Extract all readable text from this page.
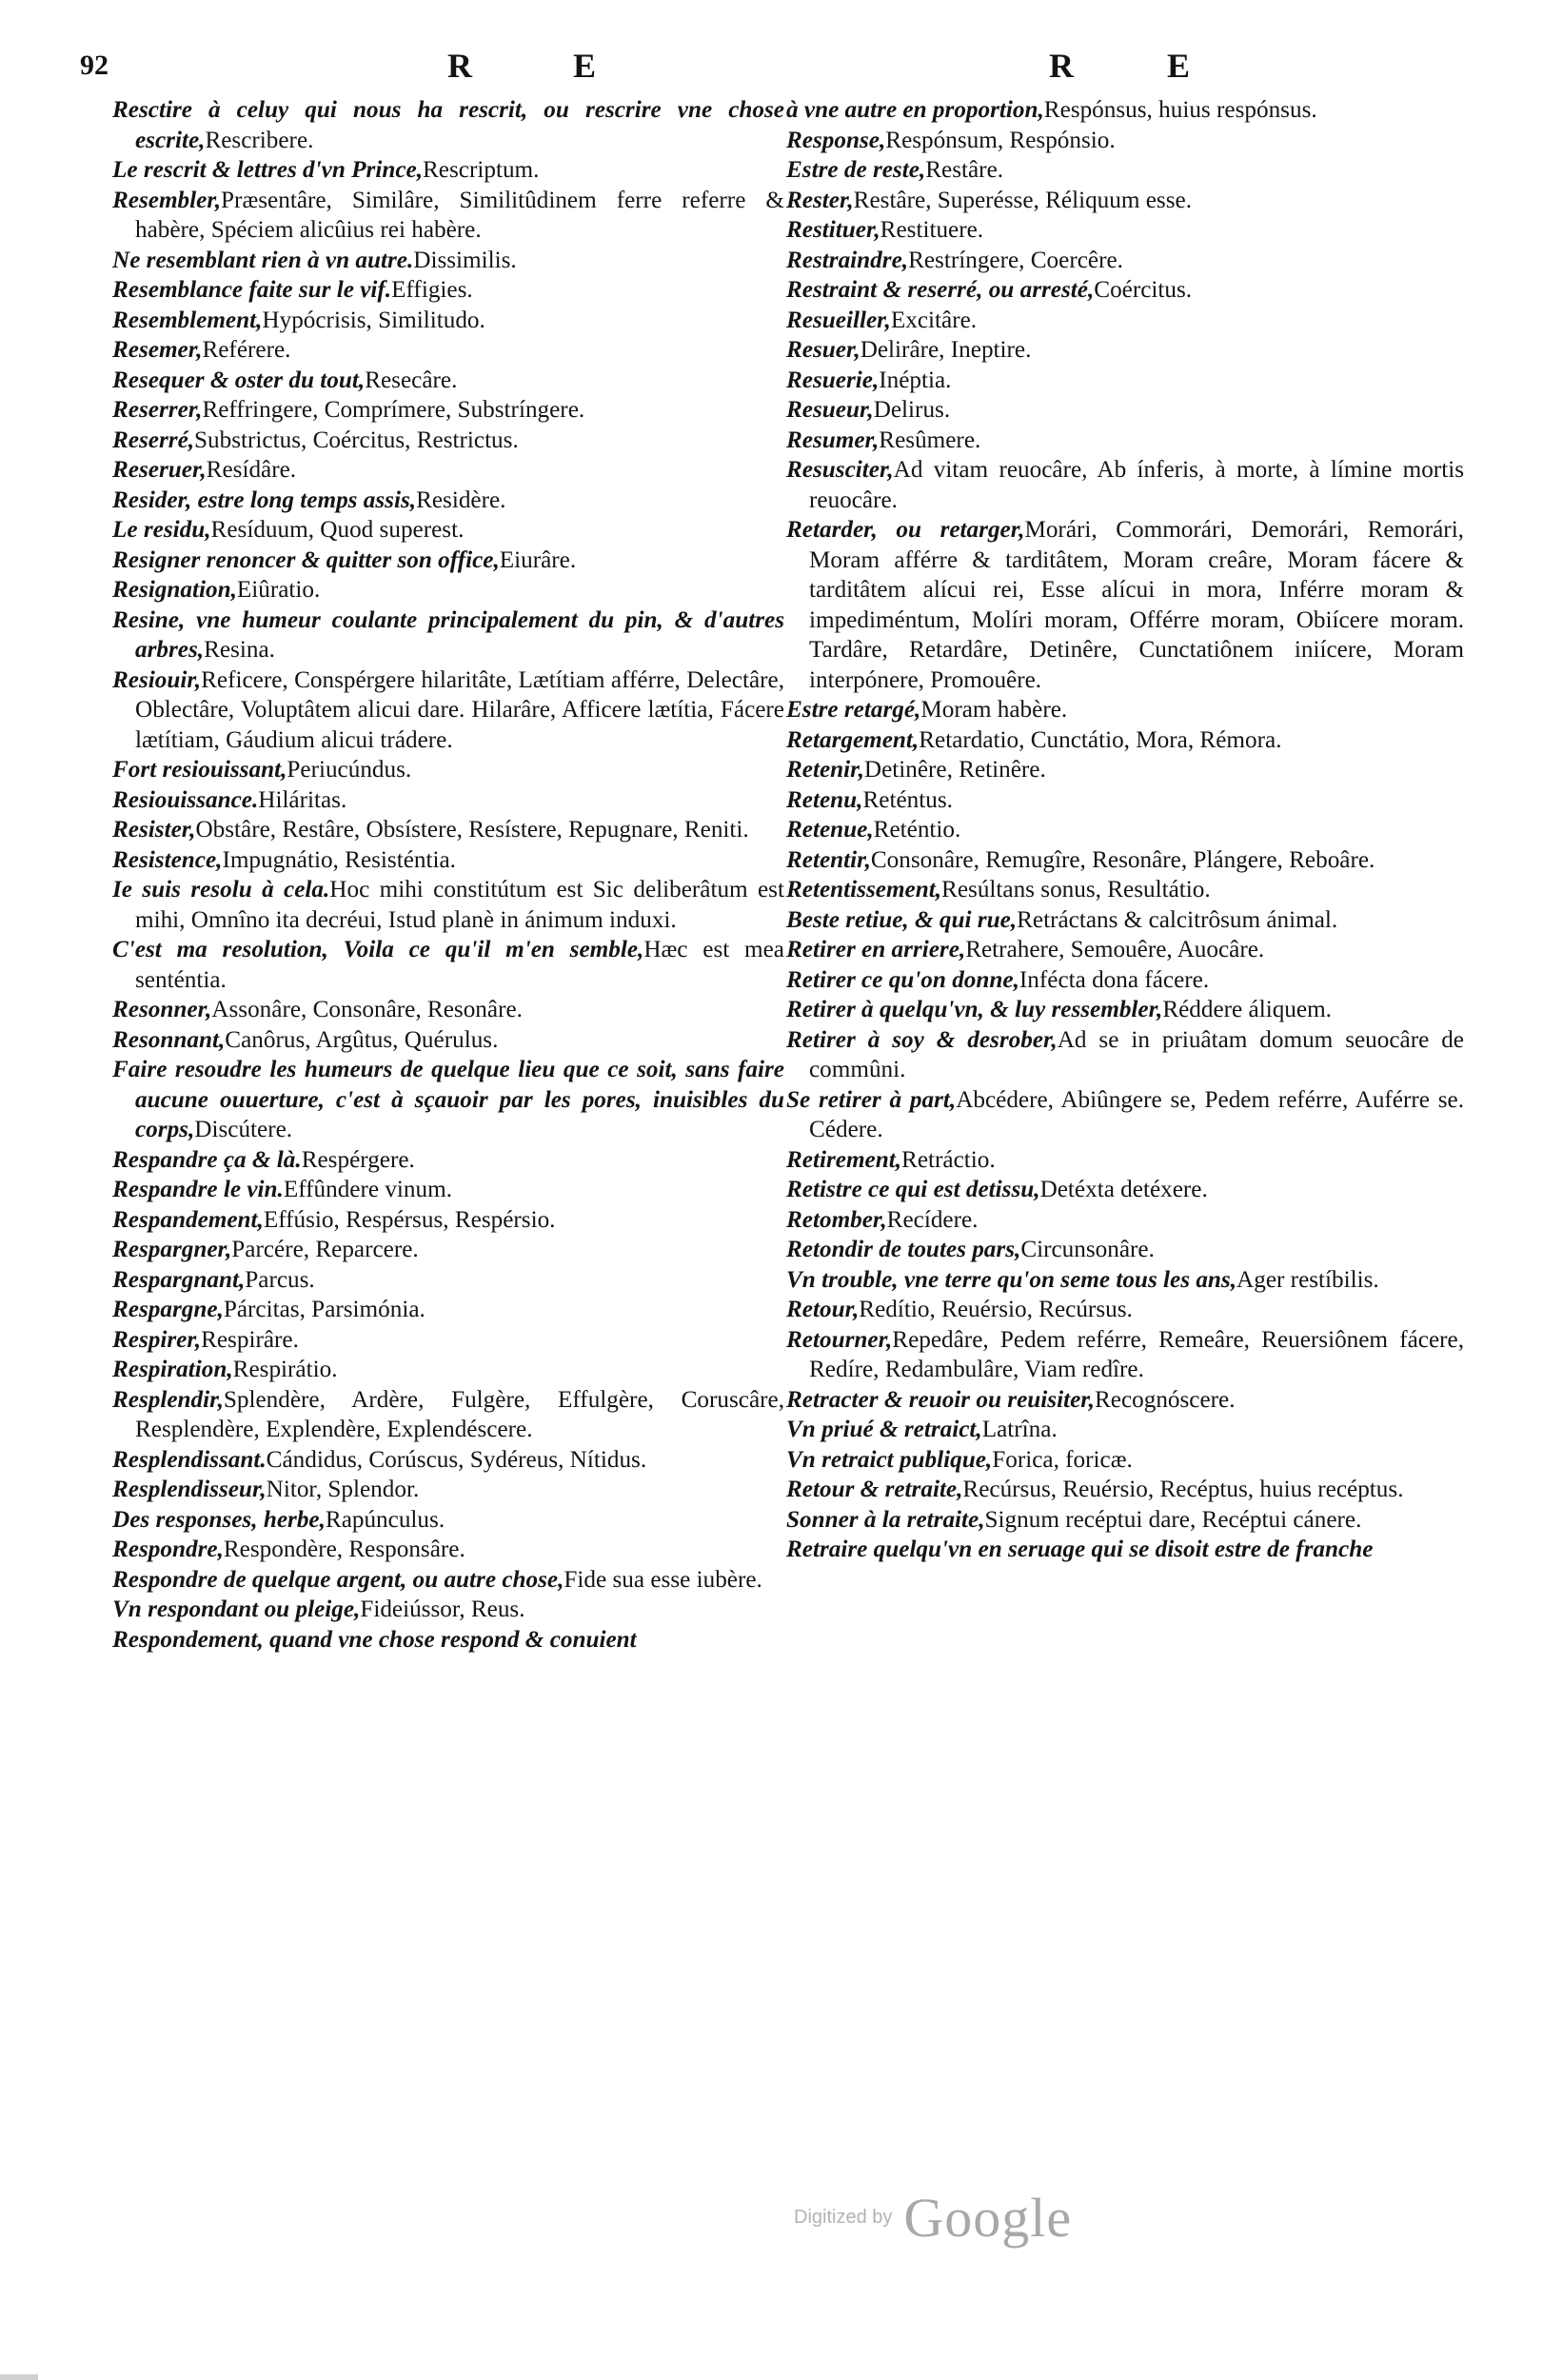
92	R	E	R	E

Resctire à celuy qui nous ha rescrit, ou rescrire vne chose escrite,Rescribere.

Le rescrit & lettres d'vn Prince,Rescriptum.

Resembler,Præsentâre, Similâre, Similitûdinem ferre referre & habère, Spéciem alicûius rei habère.

Ne resemblant rien à vn autre.Dissimilis.

Resemblance faite sur le vif.Effigies.

Resemblement,Hypócrisis, Similitudo.

Resemer,Reférere.

Resequer & oster du tout,Resecâre.

Reserrer,Reffringere, Comprímere, Substríngere.

Reserré,Substrictus, Coércitus, Restrictus.

Reseruer,Resídâre.

Resider, estre long temps assis,Residère.

Le residu,Resíduum, Quod superest.

Resigner renoncer & quitter son office,Eiurâre.

Resignation,Eiûratio.

Resine, vne humeur coulante principalement du pin, & d'autres arbres,Resina.

Resiouir,Reficere, Consp​érgere hilaritâte, Lætítiam afférre, Delectâre, Oblectâre, Voluptâtem alicui dare. Hilarâre, Afficere lætítia, Fácere lætítiam, Gáudium alicui trádere.

Fort resiouissant,Periucúndus.

Resiouissance.Hiláritas.

Resister,Obstâre, Restâre, Obsístere, Resístere, Repugnare, Reniti.

Resistence,Impugnátio, Resisténtia.

Ie suis resolu à cela.Hoc mihi constitútum est Sic deliberâtum est mihi, Omnîno ita decréui, Istud planè in ánimum induxi.

C'est ma resolution, Voila ce qu'il m'en semble,Hæc est mea senténtia.

Resonner,Assonâre, Consonâre, Resonâre.

Resonnant,Canôrus, Argûtus, Quérulus.

Faire resoudre les humeurs de quelque lieu que ce soit, sans faire aucune ouuerture, c'est à sçauoir par les pores, inuisibles du corps,Discútere.

Respandre ça & là.Respérgere.

Respandre le vin.Effûndere vinum.

Respandement,Effúsio, Respérsus, Respérsio.

Respargner,Parcére, Reparcere.

Respargnant,Parcus.

Respargne,Párcitas, Parsimónia.

Respirer,Respirâre.

Respiration,Respirátio.

Resplendir,Splendère, Ardère, Fulgère, Effulgère, Coruscâre, Resplendère, Explendère, Explendéscere.

Resplendissant.Cándidus, Corúscus, Sydéreus, Nítidus.

Resplendisseur,Nitor, Splendor.

Des responses, herbe,Rapúnculus.

Respondre,Respondère, Responsâre.

Respondre de quelque argent, ou autre chose,Fide sua esse iubère.

Vn respondant ou pleige,Fideiússor, Reus.

Respondement, quand vne chose respond & conuient

à vne autre en proportion,Respónsus, huius respónsus.

Response,Respónsum, Respónsio.

Estre de reste,Restâre.

Rester,Restâre, Superésse, Réliquum esse.

Restituer,Restituere.

Restraindre,Restríngere, Coercêre.

Restraint & reserré, ou arresté,Coércitus.

Resueiller,Excitâre.

Resuer,Delirâre, Ineptire.

Resuerie,Inéptia.

Resueur,Delirus.

Resumer,Resûmere.

Resusciter,Ad vitam reuocâre, Ab ínferis, à morte, à límine mortis reuocâre.

Retarder, ou retarger,Morári, Commorári, Demorári, Remorári, Moram afférre & tarditâtem, Moram creâre, Moram fácere & tarditâtem alícui rei, Esse alícui in mora, Inférre moram & impediméntum, Molíri moram, Offérre moram, Obiícere moram. Tardâre, Retardâre, Detinêre, Cunctatiônem iniícere, Moram interpónere, Promouêre.

Estre retargé,Moram habère.

Retargement,Retardatio, Cunctátio, Mora, Rémora.

Retenir,Detinêre, Retinêre.

Retenu,Reténtus.

Retenue,Reténtio.

Retentir,Consonâre, Remugîre, Resonâre, Plángere, Reboâre.

Retentissement,Resúltans sonus, Resultátio.

Beste retiue, & qui rue,Retráctans & calcitrôsum ánimal.

Retirer en arriere,Retrahere, Semouêre, Auocâre.

Retirer ce qu'on donne,Infécta dona fácere.

Retirer à quelqu'vn, & luy ressembler,Réddere áliquem.

Retirer à soy & desrober,Ad se in priuâtam domum seuocâre de commûni.

Se retirer à part,Abcédere, Abiûngere se, Pedem reférre, Auférre se. Cédere.

Retirement,Retráctio.

Retistre ce qui est detissu,Detéxta detéxere.

Retomber,Recídere.

Retondir de toutes pars,Circunsonâre.

Vn trouble, vne terre qu'on seme tous les ans,Ager restíbilis.

Retour,Redítio, Reuérsio, Recúrsus.

Retourner,Repedâre, Pedem reférre, Remeâre, Reuersiônem fácere, Redíre, Redambulâre, Viam redîre.

Retracter & reuoir ou reuisiter,Recognóscere.

Vn priué & retraict,Latrîna.

Vn retraict publique,Forica, foricæ.

Retour & retraite,Recúrsus, Reuérsio, Recéptus, huius recéptus.

Sonner à la retraite,Signum recéptui dare, Recéptui cánere.

Retraire quelqu'vn en seruage qui se disoit estre de franche

Digitized by Google
